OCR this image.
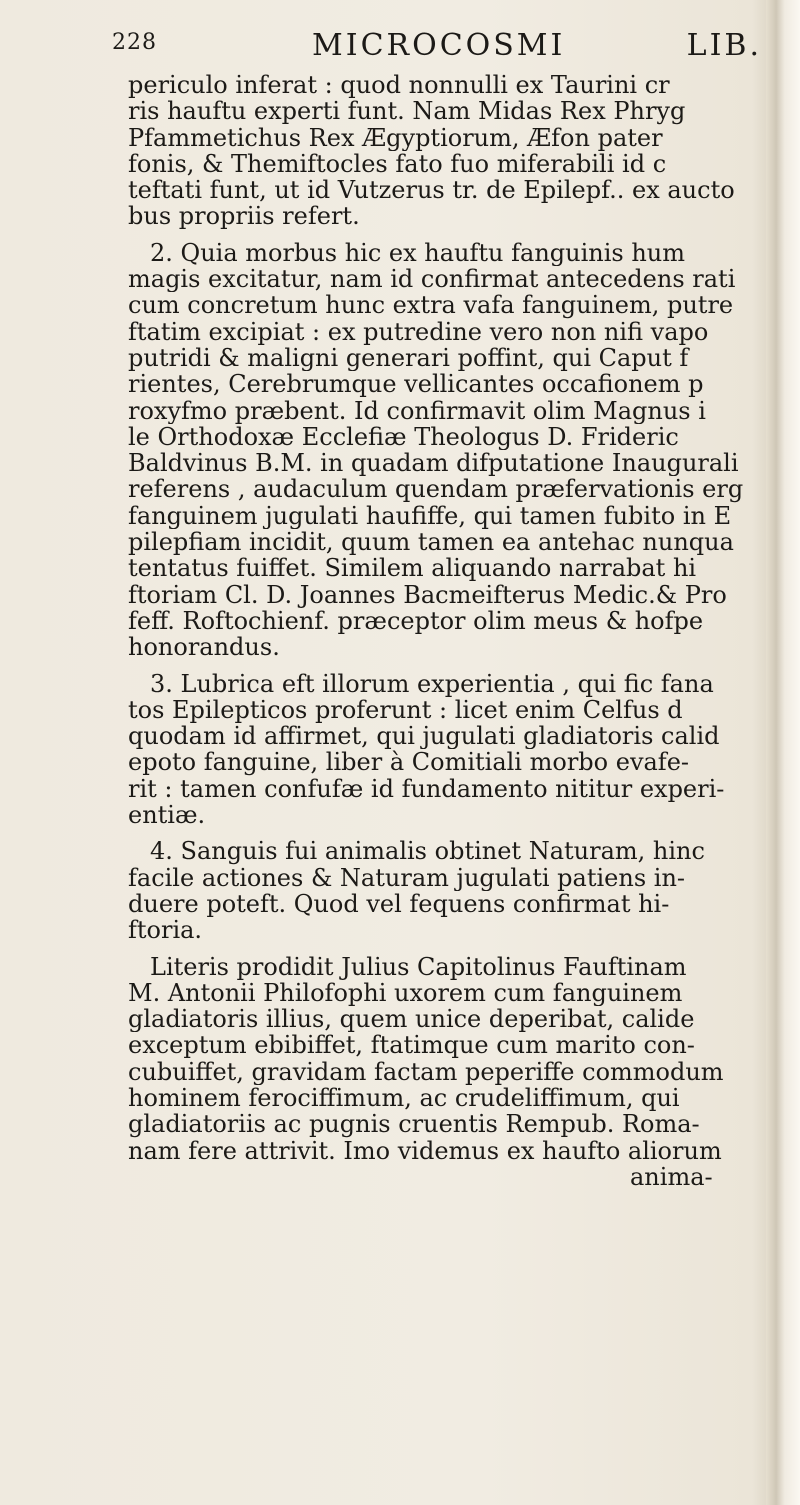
228	MICROCOSMI	LIB.
periculo inferat : quod nonnulli ex Taurini cr
ris hauftu experti funt. Nam Midas Rex Phryg
Pfammetichus Rex Ægyptiorum, Æfon pater
fonis, & Themiftocles fato fuo miferabili id c
teftati funt, ut id Vutzerus tr. de Epilepf.. ex aucto
bus propriis refert.
2. Quia morbus hic ex hauftu fanguinis hum
magis excitatur, nam id confirmat antecedens rati
cum concretum hunc extra vafa fanguinem, putre
ftatim excipiat : ex putredine vero non nifi vapo
putridi & maligni generari poffint, qui Caput f
rientes, Cerebrumque vellicantes occafionem p
roxyfmo præbent. Id confirmavit olim Magnus i
le Orthodoxæ Ecclefiæ Theologus D. Frideric
Baldvinus B.M. in quadam difputatione Inaugurali
referens , audaculum quendam præfervationis erg
fanguinem jugulati haufiffe, qui tamen fubito in E
pilepfiam incidit, quum tamen ea antehac nunqua
tentatus fuiffet. Similem aliquando narrabat hi
ftoriam Cl. D. Joannes Bacmeifterus Medic.& Pro
feff. Roftochienf. præceptor olim meus & hofpe
honorandus.
3. Lubrica eft illorum experientia , qui fic fana
tos Epilepticos proferunt : licet enim Celfus d
quodam id affirmet, qui jugulati gladiatoris calid
epoto fanguine, liber à Comitiali morbo evafe-
rit : tamen confufæ id fundamento nititur experi-
entiæ.
4. Sanguis fui animalis obtinet Naturam, hinc
facile actiones & Naturam jugulati patiens in-
duere poteft. Quod vel fequens confirmat hi-
ftoria.
Literis prodidit Julius Capitolinus Fauftinam
M. Antonii Philofophi uxorem cum fanguinem
gladiatoris illius, quem unice deperibat, calide
exceptum ebibiffet, ftatimque cum marito con-
cubuiffet, gravidam factam peperiffe commodum
hominem ferociffimum, ac crudeliffimum, qui
gladiatoriis ac pugnis cruentis Rempub. Roma-
nam fere attrivit. Imo videmus ex haufto aliorum
anima-
